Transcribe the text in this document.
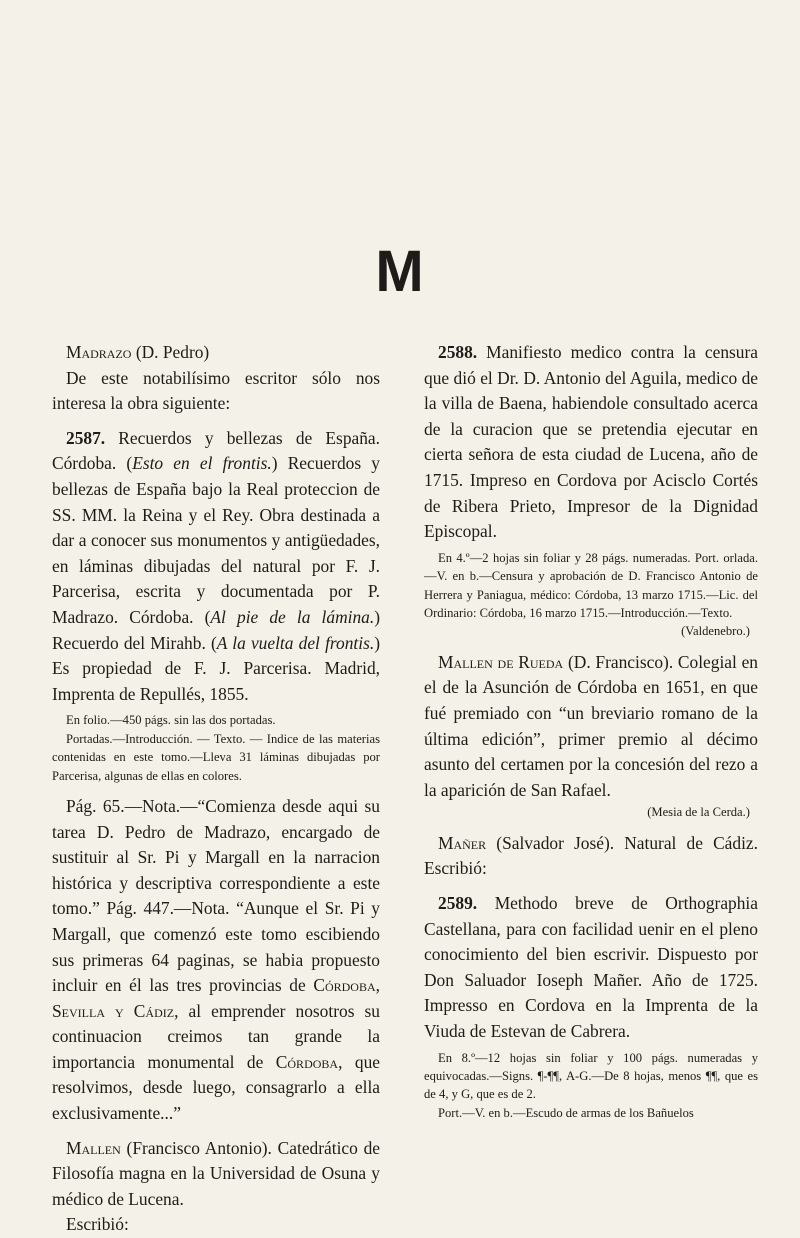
M

Madrazo (D. Pedro)

De este notabilísimo escritor sólo nos interesa la obra siguiente:

2587. Recuerdos y bellezas de España. Córdoba. (Esto en el frontis.) Recuerdos y bellezas de España bajo la Real proteccion de SS. MM. la Reina y el Rey. Obra destinada a dar a conocer sus monumentos y antigüedades, en láminas dibujadas del natural por F. J. Parcerisa, escrita y documentada por P. Madrazo. Córdoba. (Al pie de la lámina.) Recuerdo del Mirahb. (A la vuelta del frontis.) Es propiedad de F. J. Parcerisa. Madrid, Imprenta de Repullés, 1855.

En folio.—450 págs. sin las dos portadas.

Portadas.—Introducción. — Texto. — Indice de las materias contenidas en este tomo.—Lleva 31 láminas dibujadas por Parcerisa, algunas de ellas en colores.

Pág. 65.—Nota.—“Comienza desde aqui su tarea D. Pedro de Madrazo, encargado de sustituir al Sr. Pi y Margall en la narracion histórica y descriptiva correspondiente a este tomo.” Pág. 447.—Nota. “Aunque el Sr. Pi y Margall, que comenzó este tomo escibiendo sus primeras 64 paginas, se habia propuesto incluir en él las tres provincias de Córdoba, Sevilla y Cádiz, al emprender nosotros su continuacion creimos tan grande la importancia monumental de Córdoba, que resolvimos, desde luego, consagrarlo a ella exclusivamente...”

Mallen (Francisco Antonio). Catedrático de Filosofía magna en la Universidad de Osuna y médico de Lucena.

Escribió:

2588. Manifiesto medico contra la censura que dió el Dr. D. Antonio del Aguila, medico de la villa de Baena, habiendole consultado acerca de la curacion que se pretendia ejecutar en cierta señora de esta ciudad de Lucena, año de 1715. Impreso en Cordova por Acisclo Cortés de Ribera Prieto, Impresor de la Dignidad Episcopal.

En 4.º—2 hojas sin foliar y 28 págs. numeradas. Port. orlada.—V. en b.—Censura y aprobación de D. Francisco Antonio de Herrera y Paniagua, médico: Córdoba, 13 marzo 1715.—Lic. del Ordinario: Córdoba, 16 marzo 1715.—Introducción.—Texto.

(Valdenebro.)

Mallen de Rueda (D. Francisco). Colegial en el de la Asunción de Córdoba en 1651, en que fué premiado con “un breviario romano de la última edición”, primer premio al décimo asunto del certamen por la concesión del rezo a la aparición de San Rafael.

(Mesia de la Cerda.)

Mañer (Salvador José). Natural de Cádiz. Escribió:

2589. Methodo breve de Orthographia Castellana, para con facilidad uenir en el pleno conocimiento del bien escrivir. Dispuesto por Don Saluador Ioseph Mañer. Año de 1725. Impresso en Cordova en la Imprenta de la Viuda de Estevan de Cabrera.

En 8.º—12 hojas sin foliar y 100 págs. numeradas y equivocadas.—Signs. ¶-¶¶, A-G.—De 8 hojas, menos ¶¶, que es de 4, y G, que es de 2.

Port.—V. en b.—Escudo de armas de los Bañuelos
